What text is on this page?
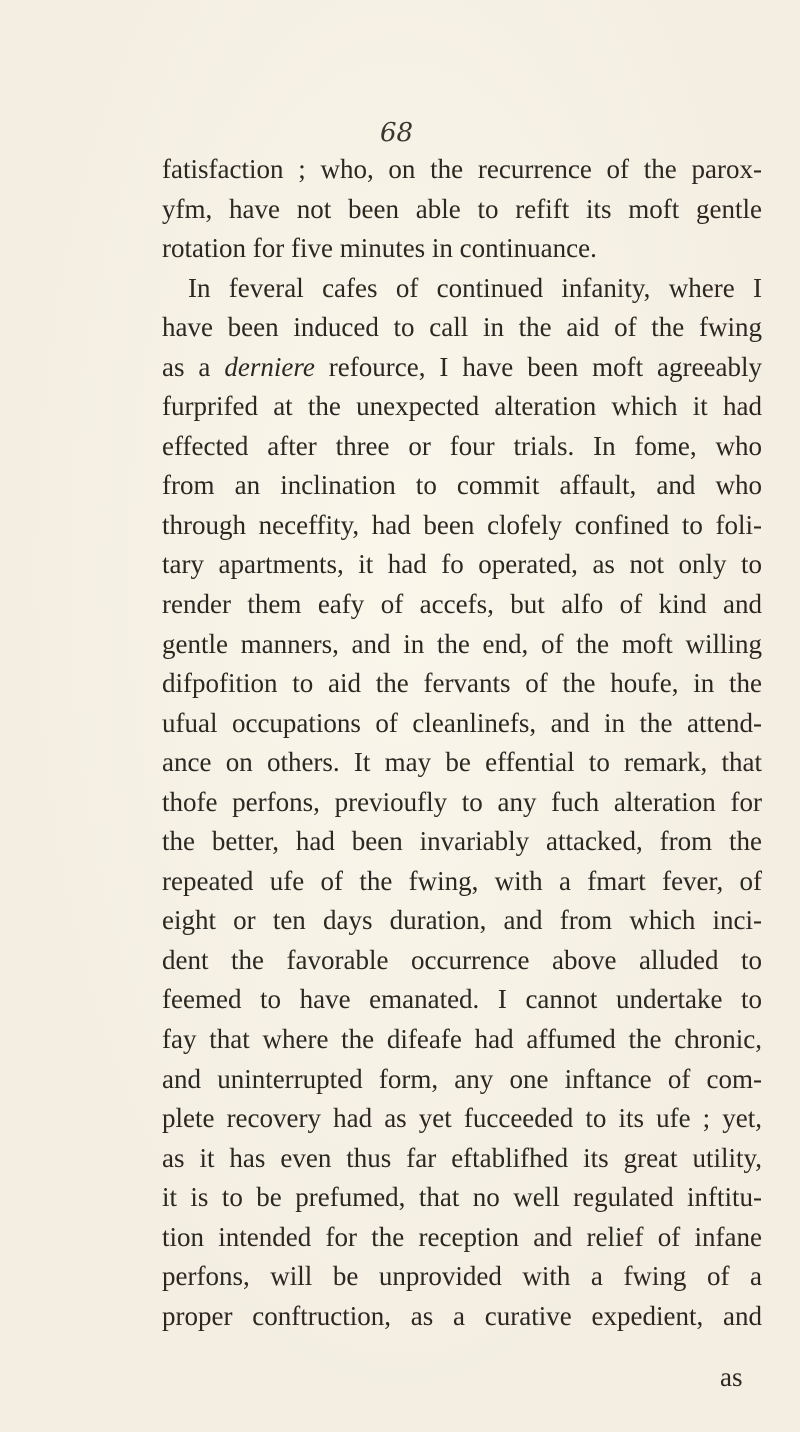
68
fatisfaction ; who, on the recurrence of the parox-
yfm, have not been able to refift its moft gentle
rotation for five minutes in continuance.
In feveral cafes of continued infanity, where I
have been induced to call in the aid of the fwing
as a derniere refource, I have been moft agreeably
furprifed at the unexpected alteration which it had
effected after three or four trials. In fome, who
from an inclination to commit affault, and who
through neceffity, had been clofely confined to foli-
tary apartments, it had fo operated, as not only to
render them eafy of accefs, but alfo of kind and
gentle manners, and in the end, of the moft willing
difpofition to aid the fervants of the houfe, in the
ufual occupations of cleanlinefs, and in the attend-
ance on others. It may be effential to remark, that
thofe perfons, previoufly to any fuch alteration for
the better, had been invariably attacked, from the
repeated ufe of the fwing, with a fmart fever, of
eight or ten days duration, and from which inci-
dent the favorable occurrence above alluded to
feemed to have emanated. I cannot undertake to
fay that where the difeafe had affumed the chronic,
and uninterrupted form, any one inftance of com-
plete recovery had as yet fucceeded to its ufe ; yet,
as it has even thus far eftablifhed its great utility,
it is to be prefumed, that no well regulated inftitu-
tion intended for the reception and relief of infane
perfons, will be unprovided with a fwing of a
proper conftruction, as a curative expedient, and
as
